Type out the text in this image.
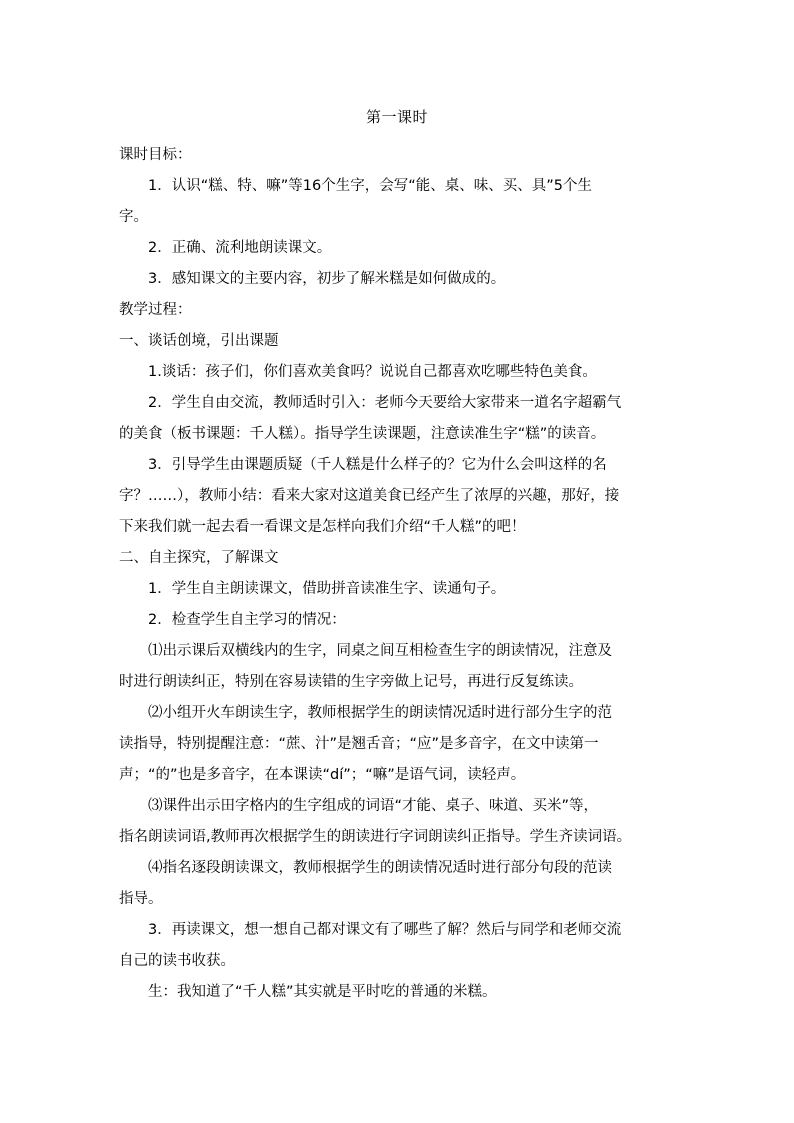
第一课时

课时目标：

1．认识“糕、特、嘛”等16个生字，会写“能、桌、味、买、具”5个生

字。

2．正确、流利地朗读课文。

3．感知课文的主要内容，初步了解米糕是如何做成的。

教学过程：

一、谈话创境，引出课题

1.谈话：孩子们，你们喜欢美食吗？说说自己都喜欢吃哪些特色美食。

2．学生自由交流，教师适时引入：老师今天要给大家带来一道名字超霸气

的美食（板书课题：千人糕）。指导学生读课题，注意读准生字“糕”的读音。

3．引导学生由课题质疑（千人糕是什么样子的？它为什么会叫这样的名

字？……），教师小结：看来大家对这道美食已经产生了浓厚的兴趣，那好，接

下来我们就一起去看一看课文是怎样向我们介绍“千人糕”的吧！

二、自主探究，了解课文

1．学生自主朗读课文，借助拼音读准生字、读通句子。

2．检查学生自主学习的情况：

⑴出示课后双横线内的生字，同桌之间互相检查生字的朗读情况，注意及

时进行朗读纠正，特别在容易读错的生字旁做上记号，再进行反复练读。

⑵小组开火车朗读生字，教师根据学生的朗读情况适时进行部分生字的范

读指导，特别提醒注意：“蔗、汁”是翘舌音；“应”是多音字，在文中读第一

声；“的”也是多音字，在本课读“dí”；“嘛”是语气词，读轻声。

⑶课件出示田字格内的生字组成的词语“才能、桌子、味道、买米”等，

指名朗读词语,教师再次根据学生的朗读进行字词朗读纠正指导。学生齐读词语。

⑷指名逐段朗读课文，教师根据学生的朗读情况适时进行部分句段的范读

指导。

3．再读课文，想一想自己都对课文有了哪些了解？然后与同学和老师交流

自己的读书收获。

生：我知道了“千人糕”其实就是平时吃的普通的米糕。
